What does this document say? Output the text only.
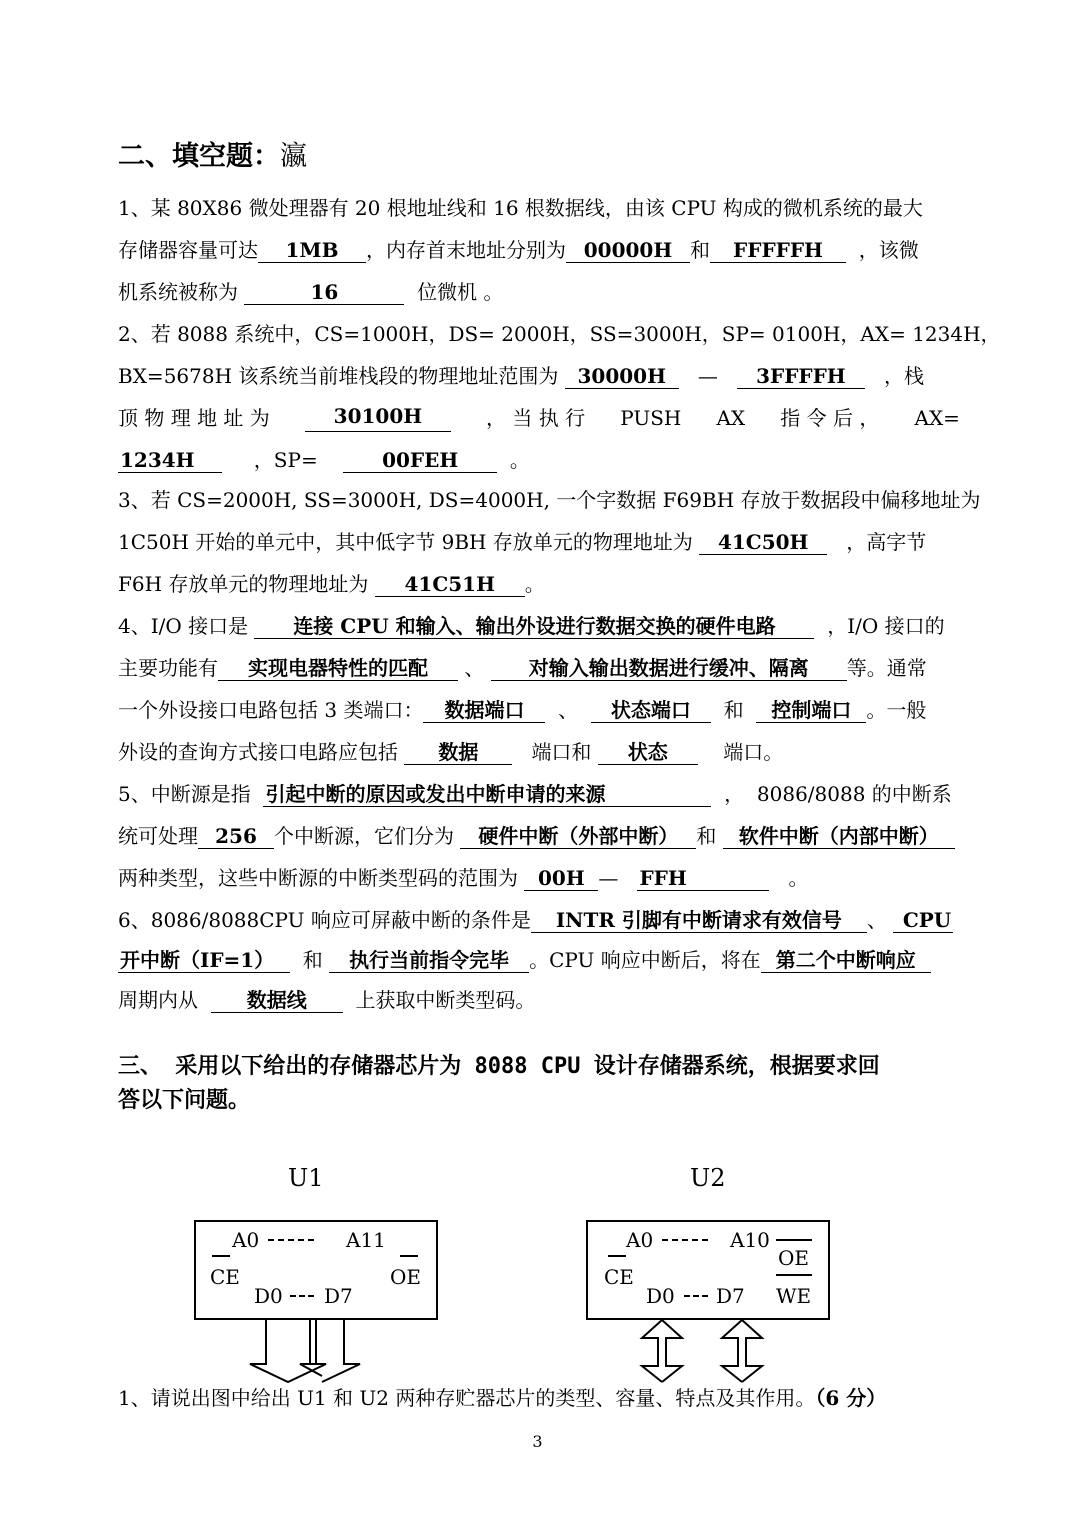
二、填空题：瀛
1、某 80X86 微处理器有 20 根地址线和 16 根数据线，由该 CPU 构成的微机系统的最大
存储器容量可达 1MB ，内存首末地址分别为 00000H 和 FFFFFH ，该微
机系统被称为	16	位微机 。
2、若 8088 系统中，CS=1000H，DS= 2000H，SS=3000H，SP= 0100H，AX= 1234H，
BX=5678H 该系统当前堆栈段的物理地址范围为 30000H — 3FFFFH ，栈
顶 物 理 地 址 为	30100H	， 当 执 行 PUSH AX 指 令 后 ， AX=
1234H	，SP=	00FEH	。
3、若 CS=2000H, SS=3000H, DS=4000H, 一个字数据 F69BH 存放于数据段中偏移地址为
1C50H 开始的单元中，其中低字节 9BH 存放单元的物理地址为 41C50H ，高字节
F6H 存放单元的物理地址为 41C51H 。
4、I/O 接口是 连接 CPU 和输入、输出外设进行数据交换的硬件电路	，I/O 接口的
主要功能有 实现电器特性的匹配 、 对输入输出数据进行缓冲、隔离 等。通常
一个外设接口电路包括 3 类端口： 数据端口 、 状态端口 和 控制端口 。一般
外设的查询方式接口电路应包括 数据	端口和 状态	端口。
5、中断源是指 引起中断的原因或发出中断申请的来源	， 8086/8088 的中断系
统可处理 256 个中断源，它们分为 硬件中断（外部中断） 和 软件中断（内部中断）
两种类型，这些中断源的中断类型码的范围为 00H — FFH	。
6、8086/8088CPU 响应可屏蔽中断的条件是 INTR 引脚有中断请求有效信号 、 CPU
开中断（IF=1） 和 执行当前指令完毕 。CPU 响应中断后，将在 第二个中断响应
周期内从 数据线 上获取中断类型码。
三、 采用以下给出的存储器芯片为 8088 CPU 设计存储器系统，根据要求回
答以下问题。
U1
A0	A11
CE	OE
D0 D7
U2
A0	A10
OE
CE
D0 D7 WE
1、请说出图中给出 U1 和 U2 两种存贮器芯片的类型、容量、特点及其作用。（6 分）
3
